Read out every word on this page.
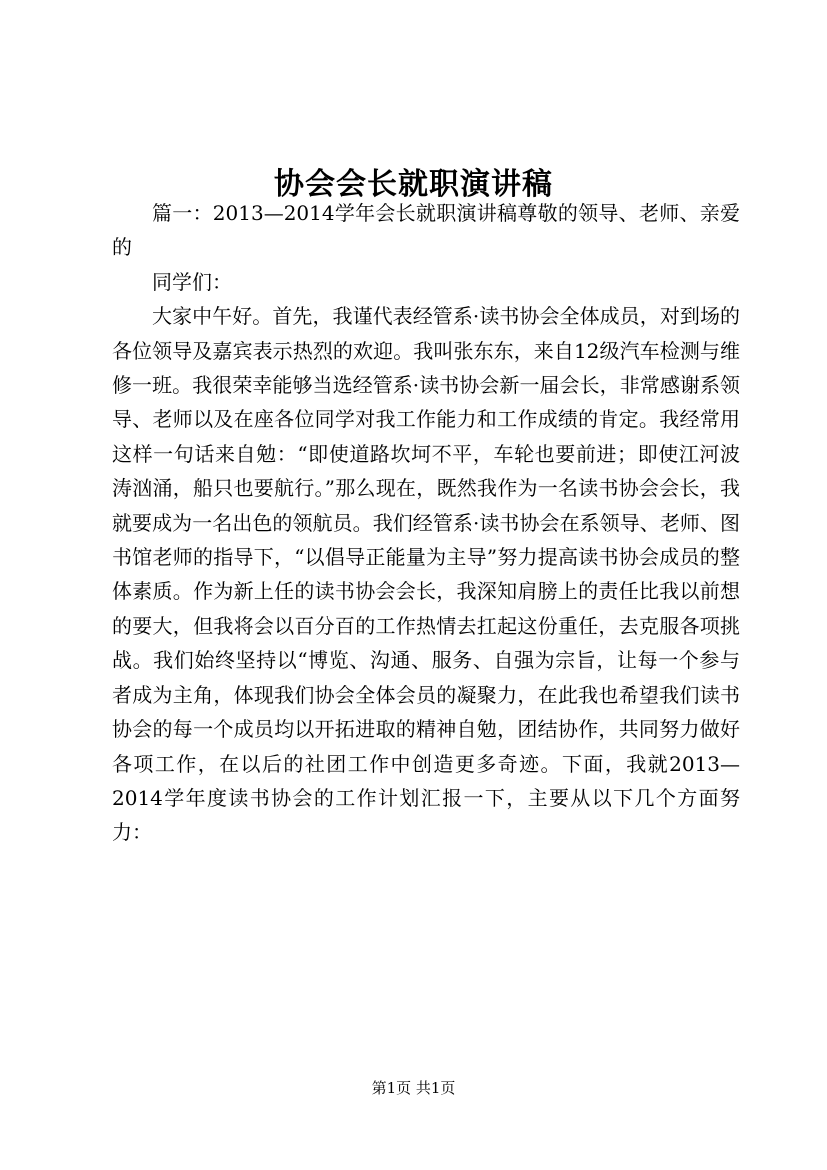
协会会长就职演讲稿

篇一：2013—2014学年会长就职演讲稿尊敬的领导、老师、亲爱的

同学们：

大家中午好。首先，我谨代表经管系·读书协会全体成员，对到场的各位领导及嘉宾表示热烈的欢迎。我叫张东东，来自12级汽车检测与维修一班。我很荣幸能够当选经管系·读书协会新一届会长，非常感谢系领导、老师以及在座各位同学对我工作能力和工作成绩的肯定。我经常用这样一句话来自勉：“即使道路坎坷不平，车轮也要前进；即使江河波涛汹涌，船只也要航行。”那么现在，既然我作为一名读书协会会长，我就要成为一名出色的领航员。我们经管系·读书协会在系领导、老师、图书馆老师的指导下，“以倡导正能量为主导”努力提高读书协会成员的整体素质。作为新上任的读书协会会长，我深知肩膀上的责任比我以前想的要大，但我将会以百分百的工作热情去扛起这份重任，去克服各项挑战。我们始终坚持以“博览、沟通、服务、自强为宗旨，让每一个参与者成为主角，体现我们协会全体会员的凝聚力，在此我也希望我们读书协会的每一个成员均以开拓进取的精神自勉，团结协作，共同努力做好各项工作，在以后的社团工作中创造更多奇迹。下面，我就2013—2014学年度读书协会的工作计划汇报一下，主要从以下几个方面努力：

第1页 共1页
